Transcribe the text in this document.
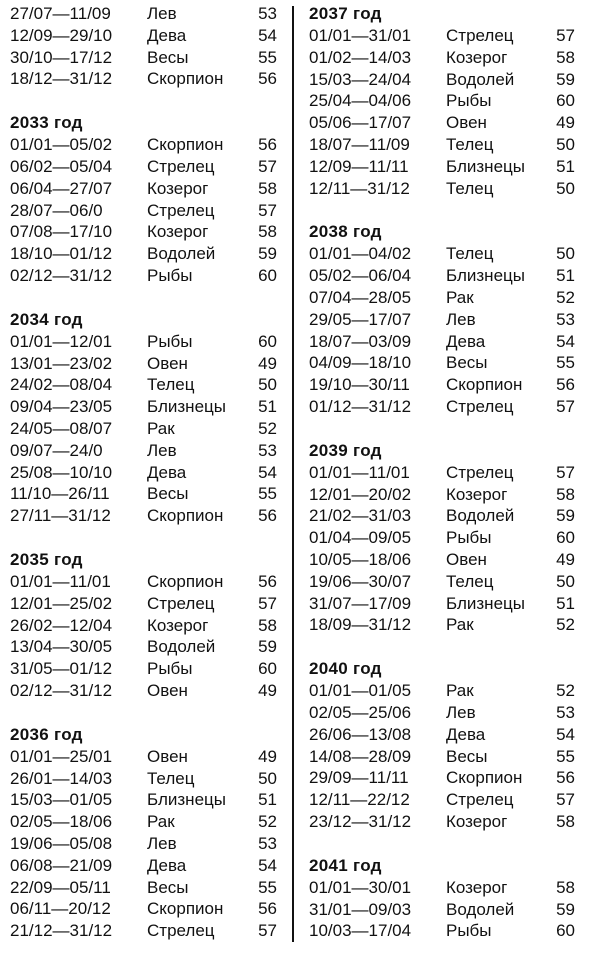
27/07—11/09 Лев	53
12/09—29/10 Дева	54
30/10—17/12 Весы	55
18/12—31/12 Скорпион 56
2033 год
01/01—05/02 Скорпион 56
06/02—05/04 Стрелец	57
06/04—27/07 Козерог	58
28/07—06/0	Стрелец	57
07/08—17/10 Козерог	58
18/10—01/12 Водолей	59
02/12—31/12 Рыбы	60
2034 год
01/01—12/01 Рыбы	60
13/01—23/02 Овен	49
24/02—08/04 Телец	50
09/04—23/05 Близнецы 51
24/05—08/07 Рак	52
09/07—24/0	Лев	53
25/08—10/10 Дева	54
11/10—26/11 Весы	55
27/11—31/12 Скорпион 56
2035 год
01/01—11/01 Скорпион 56
12/01—25/02 Стрелец	57
26/02—12/04 Козерог	58
13/04—30/05 Водолей	59
31/05—01/12 Рыбы	60
02/12—31/12 Овен	49
2036 год
01/01—25/01 Овен	49
26/01—14/03 Телец	50
15/03—01/05 Близнецы 51
02/05—18/06 Рак	52
19/06—05/08 Лев	53
06/08—21/09 Дева	54
22/09—05/11 Весы	55
06/11—20/12 Скорпион 56
21/12—31/12 Стрелец	57
2037 год
01/01—31/01 Стрелец	57
01/02—14/03 Козерог	58
15/03—24/04 Водолей 59
25/04—04/06 Рыбы	60
05/06—17/07 Овен	49
18/07—11/09 Телец	50
12/09—11/11 Близнецы 51
12/11—31/12 Телец	50
2038 год
01/01—04/02 Телец	50
05/02—06/04 Близнецы 51
07/04—28/05 Рак	52
29/05—17/07 Лев	53
18/07—03/09 Дева	54
04/09—18/10 Весы	55
19/10—30/11 Скорпион 56
01/12—31/12 Стрелец	57
2039 год
01/01—11/01 Стрелец	57
12/01—20/02 Козерог	58
21/02—31/03 Водолей 59
01/04—09/05 Рыбы	60
10/05—18/06 Овен	49
19/06—30/07 Телец	50
31/07—17/09 Близнецы 51
18/09—31/12 Рак	52
2040 год
01/01—01/05 Рак	52
02/05—25/06 Лев	53
26/06—13/08 Дева	54
14/08—28/09 Весы	55
29/09—11/11 Скорпион 56
12/11—22/12 Стрелец	57
23/12—31/12 Козерог	58
2041 год
01/01—30/01 Козерог	58
31/01—09/03 Водолей 59
10/03—17/04 Рыбы	60
